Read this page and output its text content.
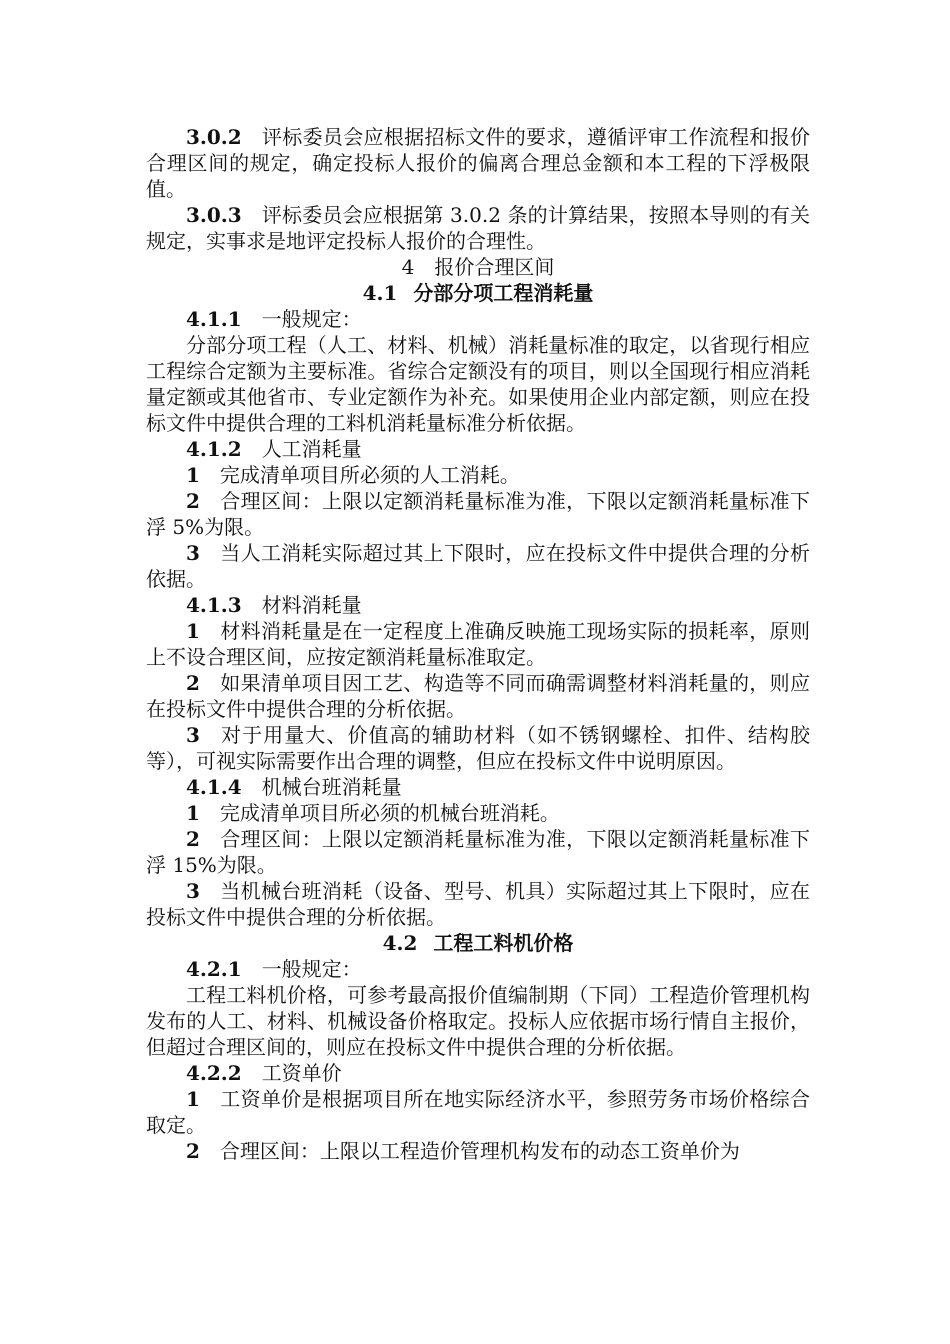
3.0.2 评标委员会应根据招标文件的要求，遵循评审工作流程和报价合理区间的规定，确定投标人报价的偏离合理总金额和本工程的下浮极限值。

3.0.3 评标委员会应根据第 3.0.2 条的计算结果，按照本导则的有关规定，实事求是地评定投标人报价的合理性。

4 报价合理区间

4.1 分部分项工程消耗量

4.1.1 一般规定：

分部分项工程（人工、材料、机械）消耗量标准的取定，以省现行相应工程综合定额为主要标准。省综合定额没有的项目，则以全国现行相应消耗量定额或其他省市、专业定额作为补充。如果使用企业内部定额，则应在投标文件中提供合理的工料机消耗量标准分析依据。

4.1.2 人工消耗量

1 完成清单项目所必须的人工消耗。

2 合理区间：上限以定额消耗量标准为准，下限以定额消耗量标准下浮 5%为限。

3 当人工消耗实际超过其上下限时，应在投标文件中提供合理的分析依据。

4.1.3 材料消耗量

1 材料消耗量是在一定程度上准确反映施工现场实际的损耗率，原则上不设合理区间，应按定额消耗量标准取定。

2 如果清单项目因工艺、构造等不同而确需调整材料消耗量的，则应在投标文件中提供合理的分析依据。

3 对于用量大、价值高的辅助材料（如不锈钢螺栓、扣件、结构胶等），可视实际需要作出合理的调整，但应在投标文件中说明原因。

4.1.4 机械台班消耗量

1 完成清单项目所必须的机械台班消耗。

2 合理区间：上限以定额消耗量标准为准，下限以定额消耗量标准下浮 15%为限。

3 当机械台班消耗（设备、型号、机具）实际超过其上下限时，应在投标文件中提供合理的分析依据。

4.2 工程工料机价格

4.2.1 一般规定：

工程工料机价格，可参考最高报价值编制期（下同）工程造价管理机构发布的人工、材料、机械设备价格取定。投标人应依据市场行情自主报价，但超过合理区间的，则应在投标文件中提供合理的分析依据。

4.2.2 工资单价

1 工资单价是根据项目所在地实际经济水平，参照劳务市场价格综合取定。

2 合理区间：上限以工程造价管理机构发布的动态工资单价为
